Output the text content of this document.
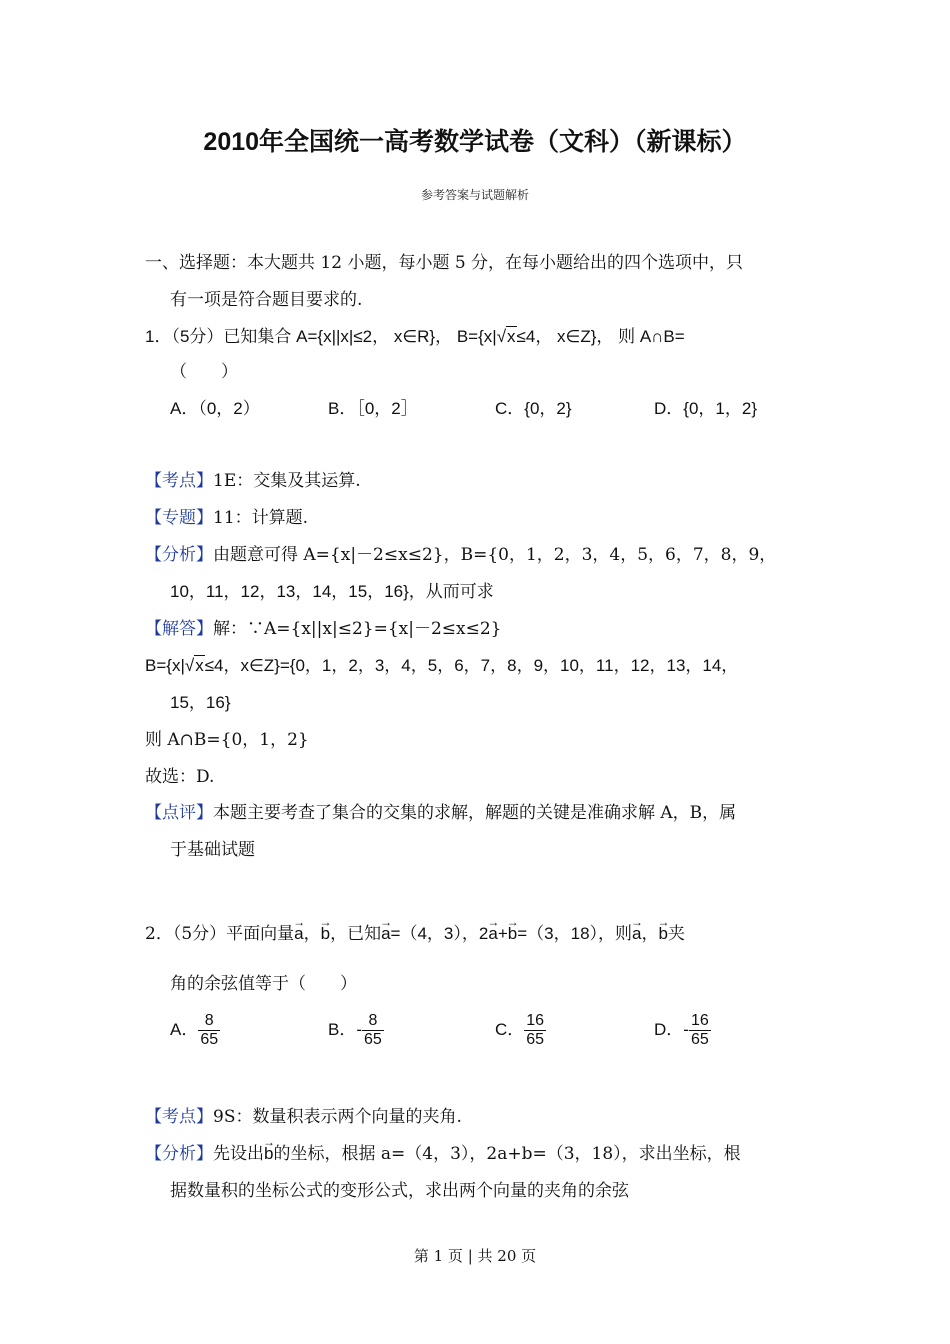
2010年全国统一高考数学试卷（文科）（新课标）
参考答案与试题解析
一、选择题：本大题共 12 小题，每小题 5 分，在每小题给出的四个选项中，只
有一项是符合题目要求的.
1．（5分）已知集合 A={x||x|≤2， x∈R}， B={x|√x≤4， x∈Z}， 则 A∩B=
（　　）
A．（0，2）	B．［0，2］	C．{0，2}	D．{0，1，2}
【考点】1E：交集及其运算.
【专题】11：计算题.
【分析】由题意可得 A={x|－2≤x≤2}，B={0，1，2，3，4，5，6，7，8，9，
10，11，12，13，14，15，16}，从而可求
【解答】解：∵A={x||x|≤2}={x|－2≤x≤2}
B={x|√x≤4，x∈Z}={0，1，2，3，4，5，6，7，8，9，10，11，12，13，14，
15，16}
则 A∩B={0，1，2}
故选：D.
【点评】本题主要考查了集合的交集的求解，解题的关键是准确求解 A，B，属
于基础试题
2．（5分）平面向量→ a，→ b，已知→ a=（4，3），2→ a+→ b=（3，18），则→ a，→ b夹
角的余弦值等于（　　）
A． $\frac{8}{65}$	B．- $\frac{8}{65}$	C． $\frac{16}{65}$	D．- $\frac{16}{65}$
【考点】9S：数量积表示两个向量的夹角.
【分析】先设出→ b的坐标，根据 a=（4，3），2a+b=（3，18），求出坐标，根
据数量积的坐标公式的变形公式，求出两个向量的夹角的余弦
第 1 页 | 共 20 页
